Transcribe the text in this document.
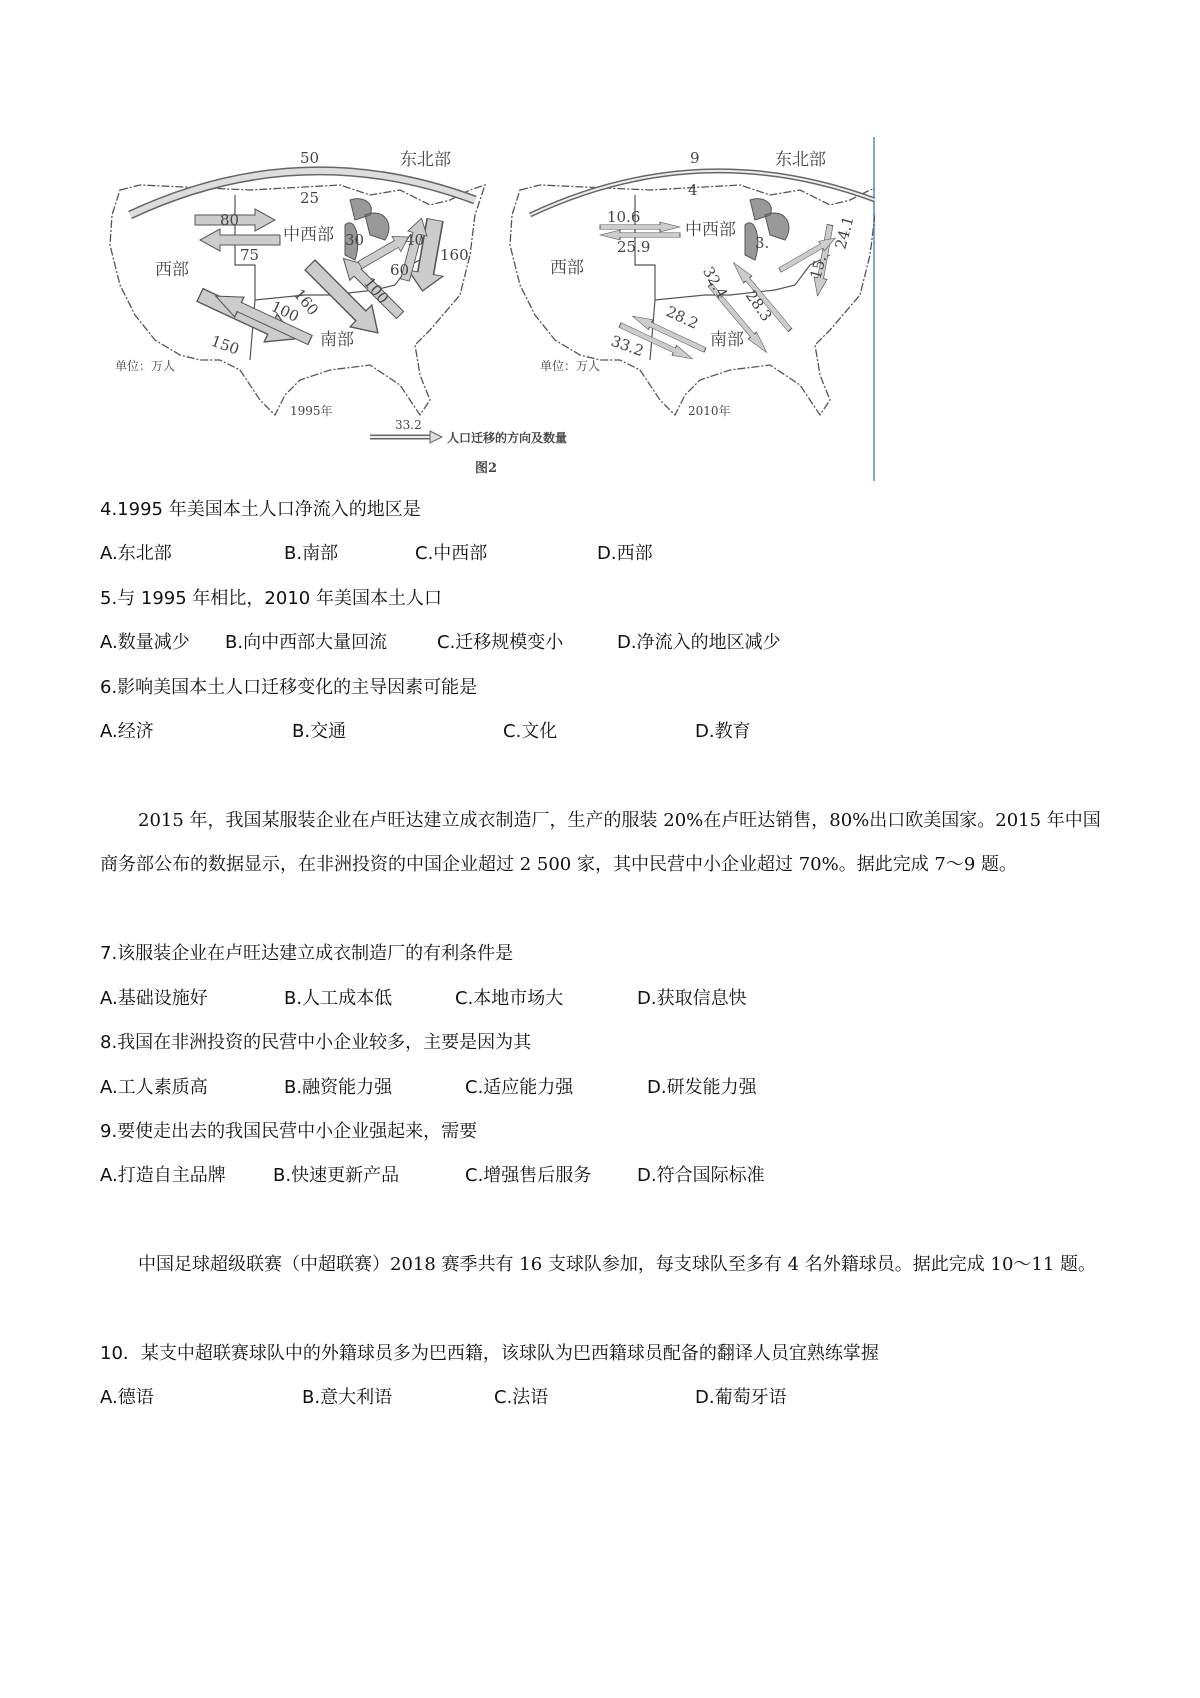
50	东北部
25
80
中西部
75
西部
30	40
60
160
160	100
100
150	南部
单位：万人
1995年
9	东北部
4
10.6
中西部
25.9
西部
3.
15.
24.1
32.4
28.3
28.2
33.2	南部
单位：万人
2010年
33.2
人口迁移的方向及数量
图2
4.1995 年美国本土人口净流入的地区是
A.东北部	B.南部	C.中西部	D.西部
5.与 1995 年相比，2010 年美国本土人口
A.数量减少 B.向中西部大量回流	C.迁移规模变小	D.净流入的地区减少
6.影响美国本土人口迁移变化的主导因素可能是
A.经济	B.交通	C.文化	D.教育
2015 年，我国某服装企业在卢旺达建立成衣制造厂，生产的服装 20%在卢旺达销售，80%出口欧美国家。2015 年中国商务部公布的数据显示，在非洲投资的中国企业超过 2 500 家，其中民营中小企业超过 70%。据此完成 7～9 题。
7.该服装企业在卢旺达建立成衣制造厂的有利条件是
A.基础设施好	B.人工成本低	C.本地市场大	D.获取信息快
8.我国在非洲投资的民营中小企业较多，主要是因为其
A.工人素质高	B.融资能力强	C.适应能力强	D.研发能力强
9.要使走出去的我国民营中小企业强起来，需要
A.打造自主品牌	B.快速更新产品	C.增强售后服务	D.符合国际标准
中国足球超级联赛（中超联赛）2018 赛季共有 16 支球队参加，每支球队至多有 4 名外籍球员。据此完成 10～11 题。
10．某支中超联赛球队中的外籍球员多为巴西籍，该球队为巴西籍球员配备的翻译人员宜熟练掌握
A.德语	B.意大利语	C.法语	D.葡萄牙语
